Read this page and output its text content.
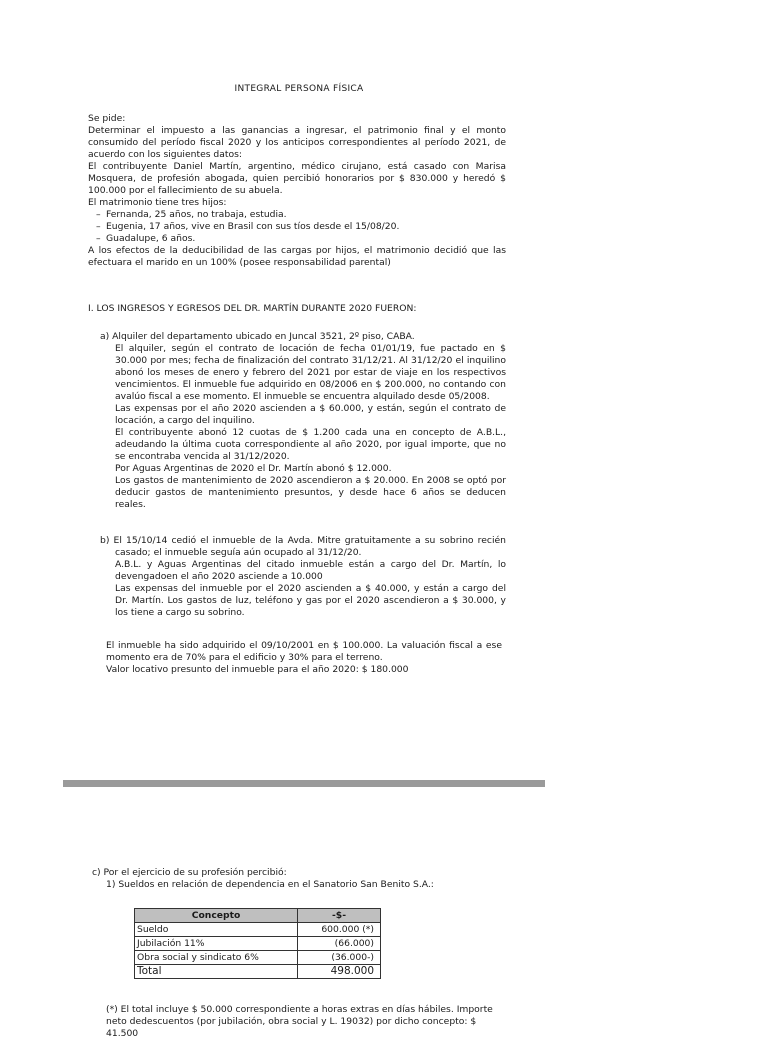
INTEGRAL PERSONA FÍSICA

Se pide:

Determinar el impuesto a las ganancias a ingresar, el patrimonio final y el monto consumido del período fiscal 2020 y los anticipos correspondientes al período 2021, de acuerdo con los siguientes datos:

El contribuyente Daniel Martín, argentino, médico cirujano, está casado con Marisa Mosquera, de profesión abogada, quien percibió honorarios por $ 830.000 y heredó $ 100.000 por el fallecimiento de su abuela.

El matrimonio tiene tres hijos:

– Fernanda, 25 años, no trabaja, estudia.

– Eugenia, 17 años, vive en Brasil con sus tíos desde el 15/08/20.

– Guadalupe, 6 años.

A los efectos de la deducibilidad de las cargas por hijos, el matrimonio decidió que las efectuara el marido en un 100% (posee responsabilidad parental)

I. LOS INGRESOS Y EGRESOS DEL DR. MARTÍN DURANTE 2020 FUERON:

a) Alquiler del departamento ubicado en Juncal 3521, 2º piso, CABA.

El alquiler, según el contrato de locación de fecha 01/01/19, fue pactado en $ 30.000 por mes; fecha de finalización del contrato 31/12/21. Al 31/12/20 el inquilino abonó los meses de enero y febrero del 2021 por estar de viaje en los respectivos vencimientos. El inmueble fue adquirido en 08/2006 en $ 200.000, no contando con avalúo fiscal a ese momento. El inmueble se encuentra alquilado desde 05/2008.

Las expensas por el año 2020 ascienden a $ 60.000, y están, según el contrato de locación, a cargo del inquilino.

El contribuyente abonó 12 cuotas de $ 1.200 cada una en concepto de A.B.L., adeudando la última cuota correspondiente al año 2020, por igual importe, que no se encontraba vencida al 31/12/2020.

Por Aguas Argentinas de 2020 el Dr. Martín abonó $ 12.000.

Los gastos de mantenimiento de 2020 ascendieron a $ 20.000. En 2008 se optó por deducir gastos de mantenimiento presuntos, y desde hace 6 años se deducen reales.

b) El 15/10/14 cedió el inmueble de la Avda. Mitre gratuitamente a su sobrino recién casado; el inmueble seguía aún ocupado al 31/12/20.

A.B.L. y Aguas Argentinas del citado inmueble están a cargo del Dr. Martín, lo devengadoen el año 2020 asciende a 10.000

Las expensas del inmueble por el 2020 ascienden a $ 40.000, y están a cargo del Dr. Martín. Los gastos de luz, teléfono y gas por el 2020 ascendieron a $ 30.000, y los tiene a cargo su sobrino.

El inmueble ha sido adquirido el 09/10/2001 en $ 100.000. La valuación fiscal a ese momento era de 70% para el edificio y 30% para el terreno.

Valor locativo presunto del inmueble para el año 2020: $ 180.000

c) Por el ejercicio de su profesión percibió:

1) Sueldos en relación de dependencia en el Sanatorio San Benito S.A.:

Concepto	-$-
Sueldo	600.000 (*)
Jubilación 11%	(66.000)
Obra social y sindicato 6%	(36.000-)
Total	498.000
(*) El total incluye $ 50.000 correspondiente a horas extras en días hábiles. Importe neto dedescuentos (por jubilación, obra social y L. 19032) por dicho concepto: $ 41.500
